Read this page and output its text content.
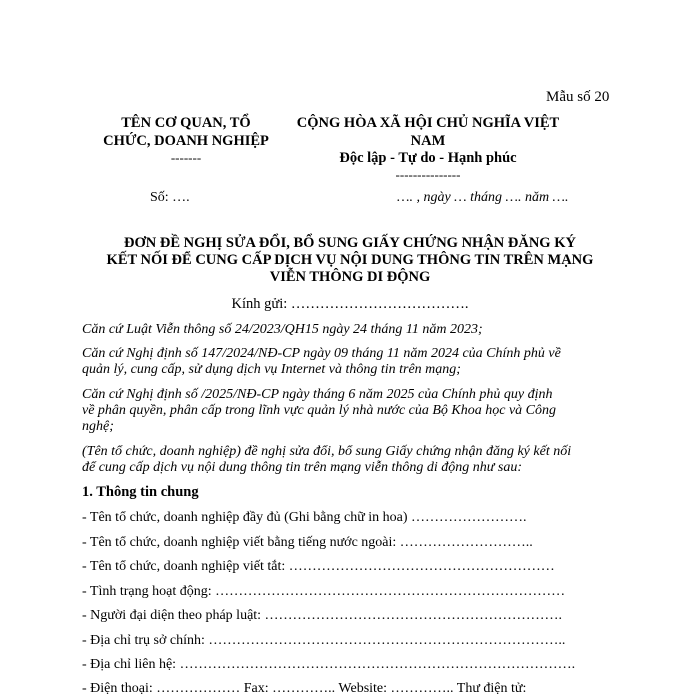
Mẫu số 20
TÊN CƠ QUAN, TỔ
CHỨC, DOANH NGHIỆP
-------
CỘNG HÒA XÃ HỘI CHỦ NGHĨA VIỆT
NAM
Độc lập - Tự do - Hạnh phúc
---------------
Số: ….	…. , ngày … tháng …. năm ….
ĐƠN ĐỀ NGHỊ SỬA ĐỔI, BỔ SUNG GIẤY CHỨNG NHẬN ĐĂNG KÝ
KẾT NỐI ĐỂ CUNG CẤP DỊCH VỤ NỘI DUNG THÔNG TIN TRÊN MẠNG
VIỄN THÔNG DI ĐỘNG
Kính gửi: ……………………………….
Căn cứ Luật Viễn thông số 24/2023/QH15 ngày 24 tháng 11 năm 2023;
Căn cứ Nghị định số 147/2024/NĐ-CP ngày 09 tháng 11 năm 2024 của Chính phủ về
quản lý, cung cấp, sử dụng dịch vụ Internet và thông tin trên mạng;
Căn cứ Nghị định số /2025/NĐ-CP ngày tháng 6 năm 2025 của Chính phủ quy định
về phân quyền, phân cấp trong lĩnh vực quản lý nhà nước của Bộ Khoa học và Công
nghệ;
(Tên tổ chức, doanh nghiệp) đề nghị sửa đổi, bổ sung Giấy chứng nhận đăng ký kết nối
để cung cấp dịch vụ nội dung thông tin trên mạng viễn thông di động như sau:
1. Thông tin chung
- Tên tổ chức, doanh nghiệp đầy đủ (Ghi bằng chữ in hoa) …………………….
- Tên tổ chức, doanh nghiệp viết bằng tiếng nước ngoài: ………………………..
- Tên tổ chức, doanh nghiệp viết tắt: …………………………………………………
- Tình trạng hoạt động: …………………………………………………………………
- Người đại diện theo pháp luật: ……………………………………………………….
- Địa chỉ trụ sở chính: …………………………………………………………………..
- Địa chỉ liên hệ: ………………………………………………………………………….
- Điện thoại: ……………… Fax: ………….. Website: ………….. Thư điện tử:
